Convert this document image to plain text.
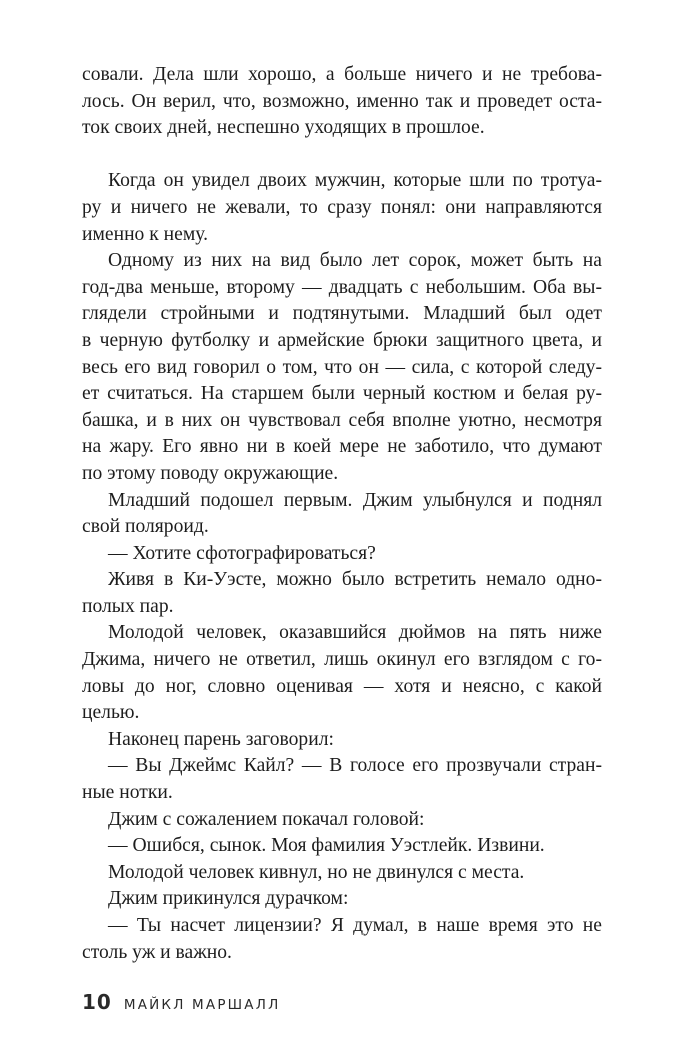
совали. Дела шли хорошо, а больше ничего и не требова-
лось. Он верил, что, возможно, именно так и проведет оста-
ток своих дней, неспешно уходящих в прошлое.
Когда он увидел двоих мужчин, которые шли по тротуа-
ру и ничего не жевали, то сразу понял: они направляются
именно к нему.
Одному из них на вид было лет сорок, может быть на
год-два меньше, второму — двадцать с небольшим. Оба вы-
глядели стройными и подтянутыми. Младший был одет
в черную футболку и армейские брюки защитного цвета, и
весь его вид говорил о том, что он — сила, с которой следу-
ет считаться. На старшем были черный костюм и белая ру-
башка, и в них он чувствовал себя вполне уютно, несмотря
на жару. Его явно ни в коей мере не заботило, что думают
по этому поводу окружающие.
Младший подошел первым. Джим улыбнулся и поднял
свой поляроид.
— Хотите сфотографироваться?
Живя в Ки-Уэсте, можно было встретить немало одно-
полых пар.
Молодой человек, оказавшийся дюймов на пять ниже
Джима, ничего не ответил, лишь окинул его взглядом с го-
ловы до ног, словно оценивая — хотя и неясно, с какой
целью.
Наконец парень заговорил:
— Вы Джеймс Кайл? — В голосе его прозвучали стран-
ные нотки.
Джим с сожалением покачал головой:
— Ошибся, сынок. Моя фамилия Уэстлейк. Извини.
Молодой человек кивнул, но не двинулся с места.
Джим прикинулся дурачком:
— Ты насчет лицензии? Я думал, в наше время это не
столь уж и важно.
10 МАЙКЛ МАРШАЛЛ
